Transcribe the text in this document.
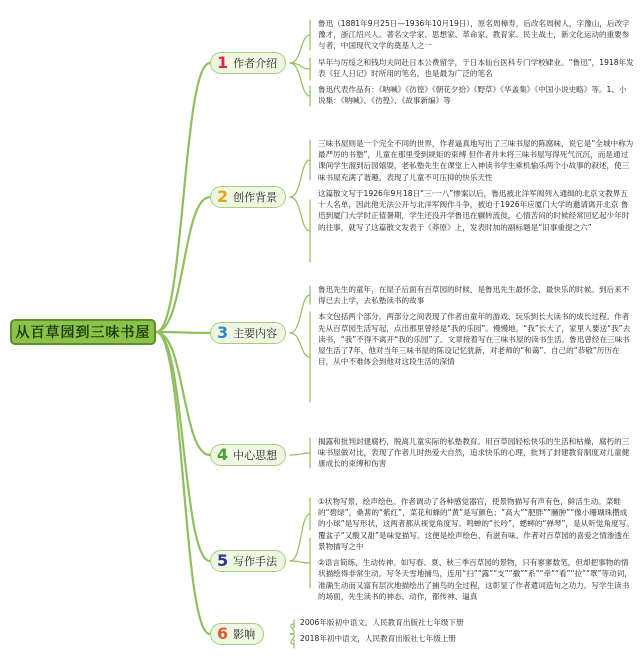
从百草园到三味书屋
1 作者介绍

鲁迅（1881年9月25日—1936年10月19日），原名周樟寿，后改名周树人，字豫山，后改字豫才，浙江绍兴人。著名文学家、思想家、革命家、教育家、民主战士，新文化运动的重要参与者，中国现代文学的奠基人之一

早年与厉绥之和钱均夫同赴日本公费留学，于日本仙台医科专门学校肄业。“鲁迅”，1918年发表《狂人日记》时所用的笔名，也是最为广泛的笔名

鲁迅代表作品有：《呐喊》《彷徨》《朝花夕拾》《野草》《华盖集》《中国小说史略》等。1、小说集：《呐喊》、《彷徨》、《故事新编》等

2 创作背景

三味书屋则是一个完全不同的世界，作者逼真地写出了三味书屋的陈腐味，说它是“全城中称为最严厉的书塾”，儿童在那里受到规矩的束缚 但作者并未将三味书屋写得死气沉沉，而是通过课间学生溜到后园嬉耍，老私塾先生在课堂上入神读书学生乘机愉乐两个小故事的叙述，使三味书屋充满了谐趣，表现了儿童不可压抑的快乐天性

这篇散文写于1926年9月18日“三·一八”惨案以后，鲁迅被北洋军阀列入通缉的北京文教界五十人名单，因此他无法公开与北洋军阀作斗争，被迫于1926年应厦门大学的邀请离开北京 鲁迅到厦门大学时正值暑期，学生还没开学鲁迅在辗转流徙，心情苦闷的时候经常回忆起少年时的往事，就写了这篇散文发表于《莽原》上，发表时加的副标题是“旧事重提之六”

3 主要内容

鲁迅先生的童年，在屋子后面有百草园的时候，是鲁迅先生最怀念，最快乐的时候。到后来不得已去上学，去私塾读书的故事

本文包括两个部分，两部分之间表现了作者由童年的游戏、玩乐到长大读书的成长过程。作者先从百草园生活写起，点出那里曾经是“我的乐园”。慢慢地，“我”长大了，家里人要送“我”去读书，“我”不得不离开“我的乐园”了。文章接着写在三味书屋的读书生活。鲁迅曾经在三味书屋生活了7年，他对当年三味书屋的陈设记忆犹新，对老师的“和蔼”、自己的“恭敬”历历在目，从中不难体会到他对这段生活的深情

4 中心思想

揭露和批判封建腐朽，脱离儿童实际的私塾教育。用百草园轻松快乐的生活和枯燥，腐朽的三味书屋做对比，表现了作者儿时热爱大自然，追求快乐的心理，批判了封建教育制度对儿童健康成长的束缚和伤害

5 写作手法

①状物写景，绘声绘色。作者调动了各种感觉器官，使景物描写有声有色，鲜活生动。菜畦的“碧绿”，桑葚的“紫红”，菜花和蜂的“黄”是写颜色；“高大”“肥胖”“臃肿”“像小珊瑚珠攒成的小球”是写形状，这两者都从视觉角度写。鸣蝉的“长吟”，蟋蟀的“弹琴”，是从听觉角度写。覆盆子“又酸又甜”是味觉描写。这便是绘声绘色、有滋有味。作者对百草园的喜爱之情渗透在景物描写之中

②语言简练，生动传神。如写春、夏、秋三季百草园的景物，只有寥寥数笔，但却把事物的情状描绘得非常生动。写冬天雪地捕鸟，连用“扫”“露”“支”“撒”“系”“牵”“看”“拉”“罩”等动词，准确生动而又富有层次地描绘出了捕鸟的全过程，这彰显了作者遣词造句之功力。写学生读书的场面，先生读书的神态、动作，都传神、逼真

6 影响

2006年版初中语文，人民教育出版社七年级下册

2018年初中语文，人民教育出版社七年级上册
